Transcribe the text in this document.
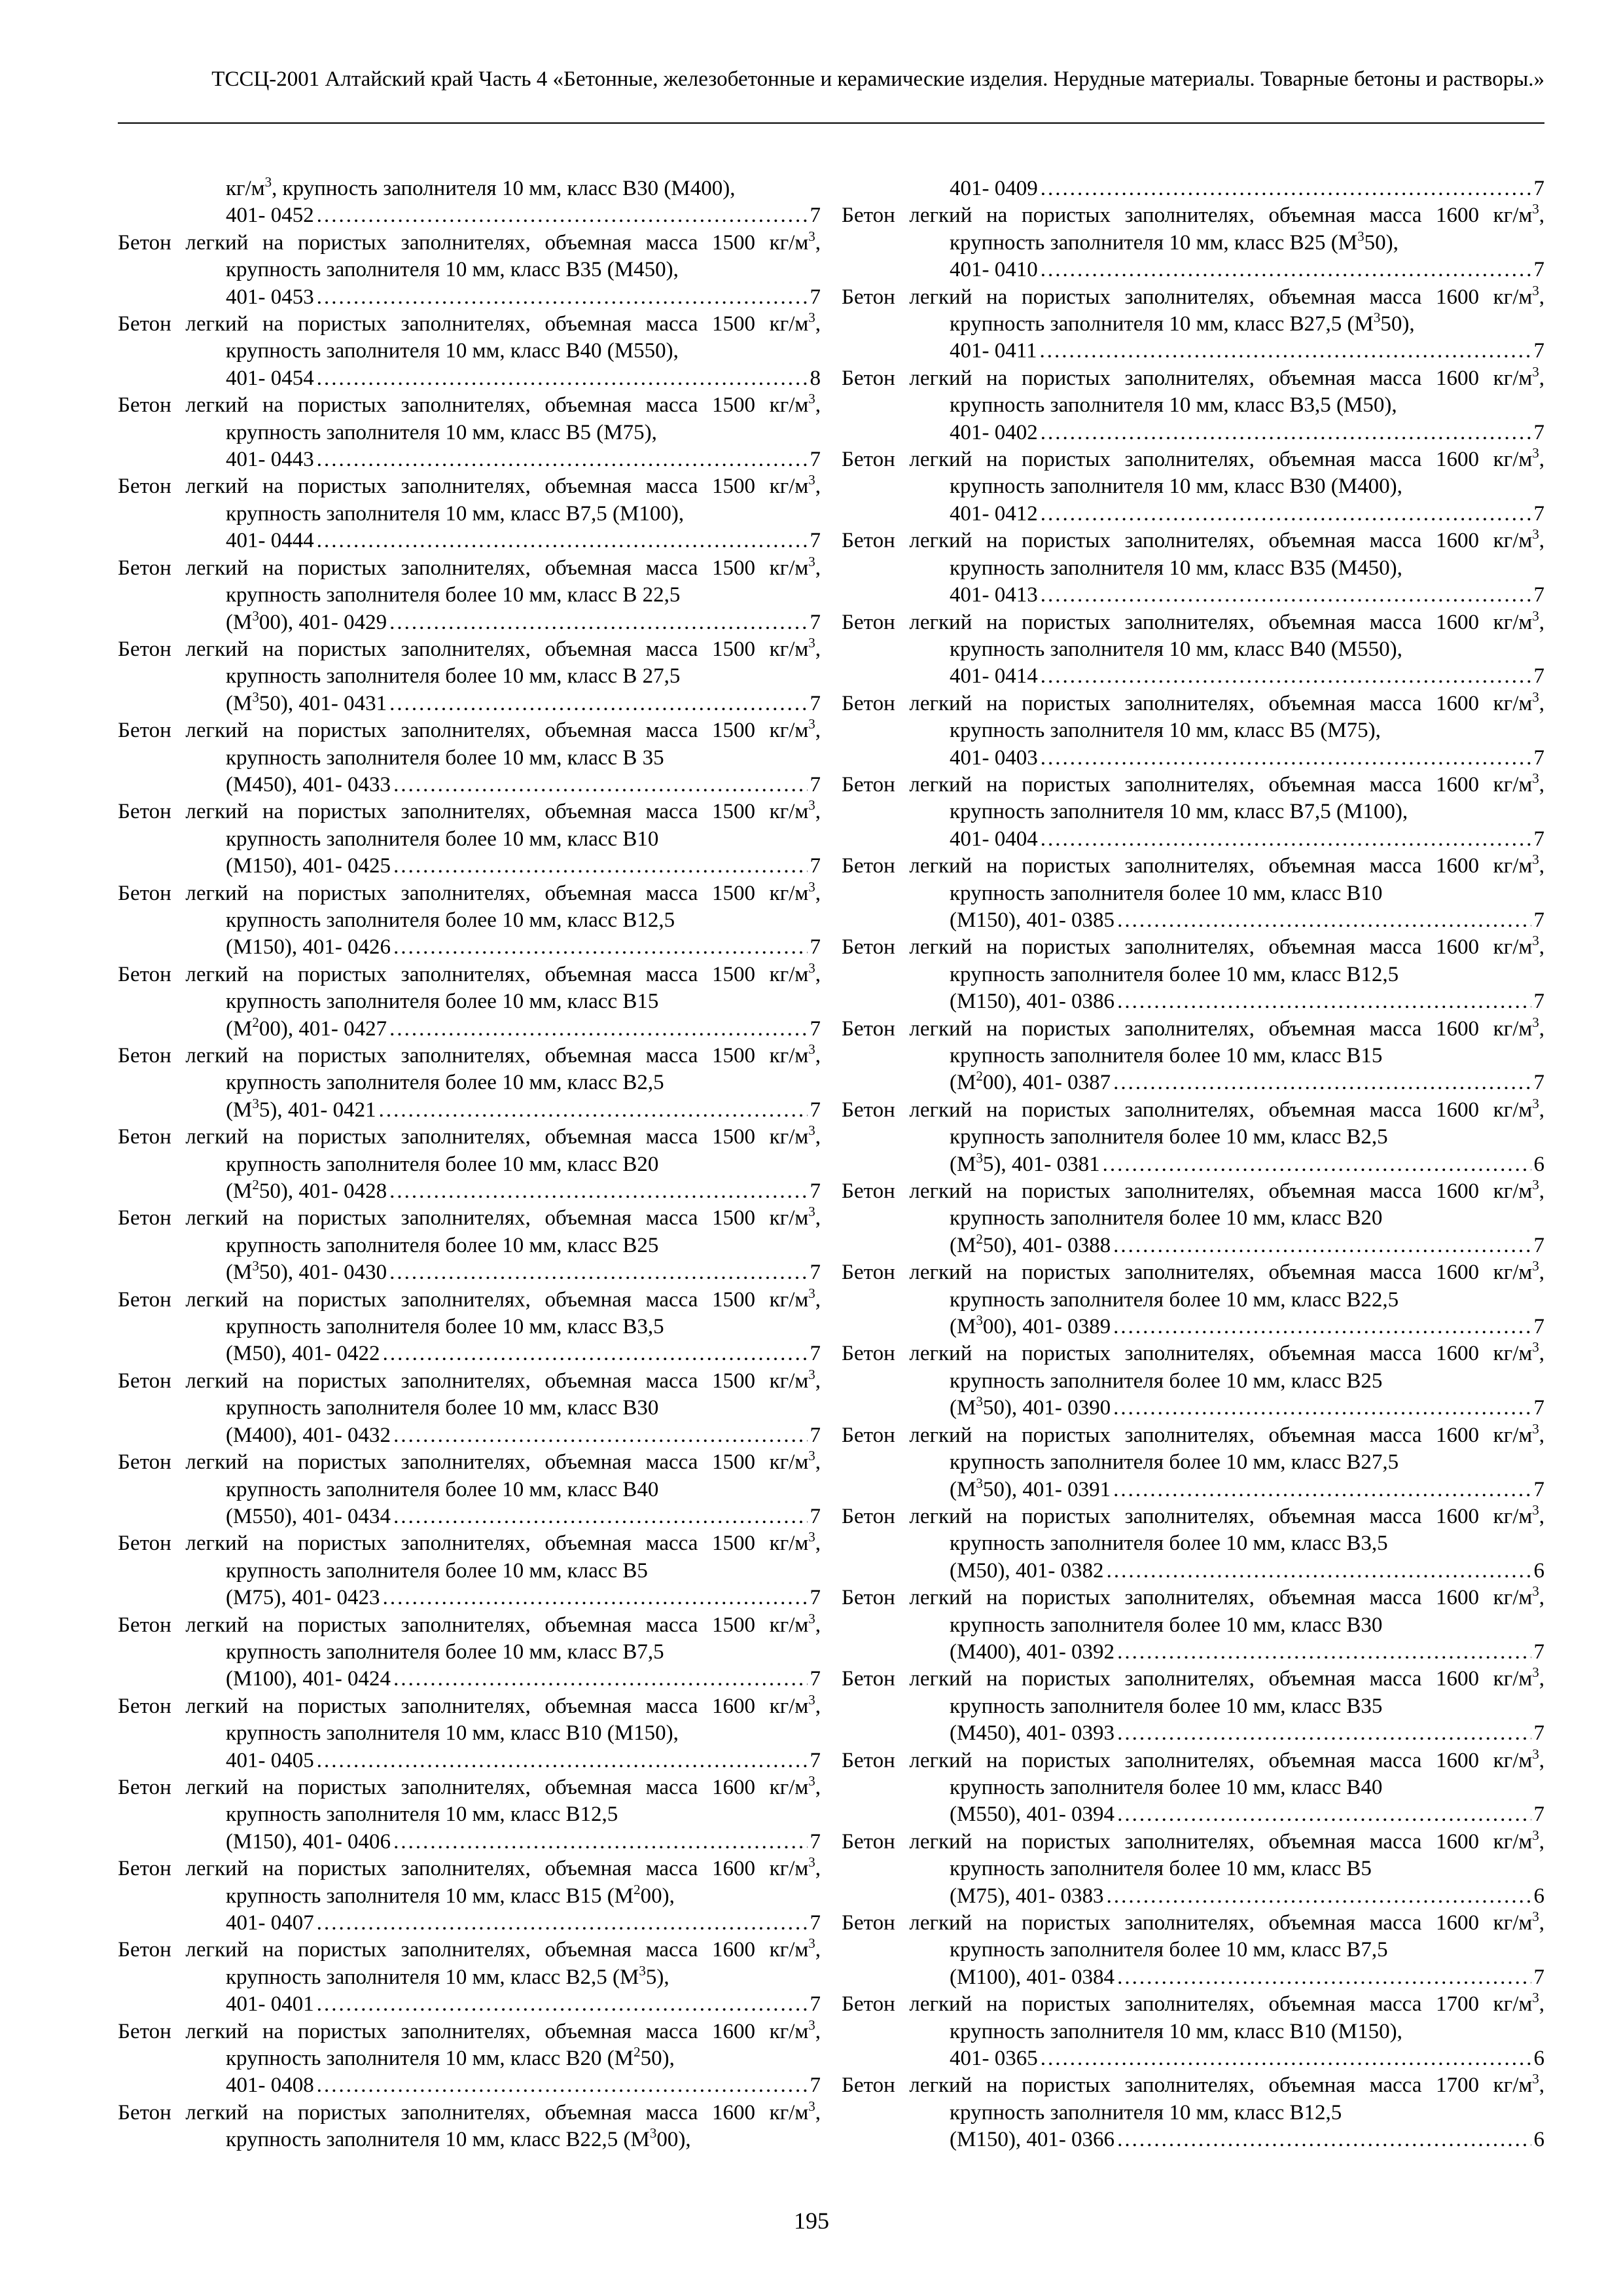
ТССЦ-2001 Алтайский край Часть 4 «Бетонные, железобетонные и керамические изделия. Нерудные материалы. Товарные бетоны и растворы.»

$кг/м^3$, крупность заполнителя 10 мм, класс В30 (М400),
401- 0452 .....	7

Бетон легкий на пористых заполнителях, объемная масса 1500 $кг/м^3$, крупность заполнителя 10 мм, класс В35 (М450),
401- 0453 .....	7

Бетон легкий на пористых заполнителях, объемная масса 1500 $кг/м^3$, крупность заполнителя 10 мм, класс В40 (М550),
401- 0454 .....	8

Бетон легкий на пористых заполнителях, объемная масса 1500 $кг/м^3$, крупность заполнителя 10 мм, класс В5 (М75),
401- 0443 .....	7

Бетон легкий на пористых заполнителях, объемная масса 1500 $кг/м^3$, крупность заполнителя 10 мм, класс В7,5 (М100),
401- 0444 .....	7

Бетон легкий на пористых заполнителях, объемная масса 1500 $кг/м^3$, крупность заполнителя более 10 мм, класс В 22,5
$(М^300)$, 401- 0429 .....	7

Бетон легкий на пористых заполнителях, объемная масса 1500 $кг/м^3$, крупность заполнителя более 10 мм, класс В 27,5
$(М^350)$, 401- 0431 .....	7

Бетон легкий на пористых заполнителях, объемная масса 1500 $кг/м^3$, крупность заполнителя более 10 мм, класс В 35
(М450), 401- 0433 .....	7

Бетон легкий на пористых заполнителях, объемная масса 1500 $кг/м^3$, крупность заполнителя более 10 мм, класс В10
(М150), 401- 0425 .....	7

Бетон легкий на пористых заполнителях, объемная масса 1500 $кг/м^3$, крупность заполнителя более 10 мм, класс В12,5
(М150), 401- 0426 .....	7

Бетон легкий на пористых заполнителях, объемная масса 1500 $кг/м^3$, крупность заполнителя более 10 мм, класс В15
$(М^200)$, 401- 0427 .....	7

Бетон легкий на пористых заполнителях, объемная масса 1500 $кг/м^3$, крупность заполнителя более 10 мм, класс В2,5
$(М^35)$, 401- 0421 .....	7

Бетон легкий на пористых заполнителях, объемная масса 1500 $кг/м^3$, крупность заполнителя более 10 мм, класс В20
$(М^250)$, 401- 0428 .....	7

Бетон легкий на пористых заполнителях, объемная масса 1500 $кг/м^3$, крупность заполнителя более 10 мм, класс В25
$(М^350)$, 401- 0430 .....	7

Бетон легкий на пористых заполнителях, объемная масса 1500 $кг/м^3$, крупность заполнителя более 10 мм, класс В3,5
(М50), 401- 0422 .....	7

Бетон легкий на пористых заполнителях, объемная масса 1500 $кг/м^3$, крупность заполнителя более 10 мм, класс В30
(М400), 401- 0432 .....	7

Бетон легкий на пористых заполнителях, объемная масса 1500 $кг/м^3$, крупность заполнителя более 10 мм, класс В40
(М550), 401- 0434 .....	7

Бетон легкий на пористых заполнителях, объемная масса 1500 $кг/м^3$, крупность заполнителя более 10 мм, класс В5
(М75), 401- 0423 .....	7

Бетон легкий на пористых заполнителях, объемная масса 1500 $кг/м^3$, крупность заполнителя более 10 мм, класс В7,5
(М100), 401- 0424 .....	7

Бетон легкий на пористых заполнителях, объемная масса 1600 $кг/м^3$, крупность заполнителя 10 мм, класс В10 (М150),
401- 0405 .....	7

Бетон легкий на пористых заполнителях, объемная масса 1600 $кг/м^3$, крупность заполнителя 10 мм, класс В12,5
(М150), 401- 0406 .....	7

Бетон легкий на пористых заполнителях, объемная масса 1600 $кг/м^3$, крупность заполнителя 10 мм, класс В15 $(М^200)$,
401- 0407 .....	7

Бетон легкий на пористых заполнителях, объемная масса 1600 $кг/м^3$, крупность заполнителя 10 мм, класс В2,5 $(М^35)$,
401- 0401 .....	7

Бетон легкий на пористых заполнителях, объемная масса 1600 $кг/м^3$, крупность заполнителя 10 мм, класс В20 $(М^250)$,
401- 0408 .....	7

Бетон легкий на пористых заполнителях, объемная масса 1600 $кг/м^3$, крупность заполнителя 10 мм, класс В22,5 $(М^300)$,

401- 0409 .....	7

Бетон легкий на пористых заполнителях, объемная масса 1600 $кг/м^3$, крупность заполнителя 10 мм, класс В25 $(М^350)$,
401- 0410 .....	7

Бетон легкий на пористых заполнителях, объемная масса 1600 $кг/м^3$, крупность заполнителя 10 мм, класс В27,5 $(М^350)$,
401- 0411 .....	7

Бетон легкий на пористых заполнителях, объемная масса 1600 $кг/м^3$, крупность заполнителя 10 мм, класс В3,5 (М50),
401- 0402 .....	7

Бетон легкий на пористых заполнителях, объемная масса 1600 $кг/м^3$, крупность заполнителя 10 мм, класс В30 (М400),
401- 0412 .....	7

Бетон легкий на пористых заполнителях, объемная масса 1600 $кг/м^3$, крупность заполнителя 10 мм, класс В35 (М450),
401- 0413 .....	7

Бетон легкий на пористых заполнителях, объемная масса 1600 $кг/м^3$, крупность заполнителя 10 мм, класс В40 (М550),
401- 0414 .....	7

Бетон легкий на пористых заполнителях, объемная масса 1600 $кг/м^3$, крупность заполнителя 10 мм, класс В5 (М75),
401- 0403 .....	7

Бетон легкий на пористых заполнителях, объемная масса 1600 $кг/м^3$, крупность заполнителя 10 мм, класс В7,5 (М100),
401- 0404 .....	7

Бетон легкий на пористых заполнителях, объемная масса 1600 $кг/м^3$, крупность заполнителя более 10 мм, класс В10
(М150), 401- 0385 .....	7

Бетон легкий на пористых заполнителях, объемная масса 1600 $кг/м^3$, крупность заполнителя более 10 мм, класс В12,5
(М150), 401- 0386 .....	7

Бетон легкий на пористых заполнителях, объемная масса 1600 $кг/м^3$, крупность заполнителя более 10 мм, класс В15
$(М^200)$, 401- 0387 .....	7

Бетон легкий на пористых заполнителях, объемная масса 1600 $кг/м^3$, крупность заполнителя более 10 мм, класс В2,5
$(М^35)$, 401- 0381 .....	6

Бетон легкий на пористых заполнителях, объемная масса 1600 $кг/м^3$, крупность заполнителя более 10 мм, класс В20
$(М^250)$, 401- 0388 .....	7

Бетон легкий на пористых заполнителях, объемная масса 1600 $кг/м^3$, крупность заполнителя более 10 мм, класс В22,5
$(М^300)$, 401- 0389 .....	7

Бетон легкий на пористых заполнителях, объемная масса 1600 $кг/м^3$, крупность заполнителя более 10 мм, класс В25
$(М^350)$, 401- 0390 .....	7

Бетон легкий на пористых заполнителях, объемная масса 1600 $кг/м^3$, крупность заполнителя более 10 мм, класс В27,5
$(М^350)$, 401- 0391 .....	7

Бетон легкий на пористых заполнителях, объемная масса 1600 $кг/м^3$, крупность заполнителя более 10 мм, класс В3,5
(М50), 401- 0382 .....	6

Бетон легкий на пористых заполнителях, объемная масса 1600 $кг/м^3$, крупность заполнителя более 10 мм, класс В30
(М400), 401- 0392 .....	7

Бетон легкий на пористых заполнителях, объемная масса 1600 $кг/м^3$, крупность заполнителя более 10 мм, класс В35
(М450), 401- 0393 .....	7

Бетон легкий на пористых заполнителях, объемная масса 1600 $кг/м^3$, крупность заполнителя более 10 мм, класс В40
(М550), 401- 0394 .....	7

Бетон легкий на пористых заполнителях, объемная масса 1600 $кг/м^3$, крупность заполнителя более 10 мм, класс В5
(М75), 401- 0383 .....	6

Бетон легкий на пористых заполнителях, объемная масса 1600 $кг/м^3$, крупность заполнителя более 10 мм, класс В7,5
(М100), 401- 0384 .....	7

Бетон легкий на пористых заполнителях, объемная масса 1700 $кг/м^3$, крупность заполнителя 10 мм, класс В10 (М150),
401- 0365 .....	6

Бетон легкий на пористых заполнителях, объемная масса 1700 $кг/м^3$, крупность заполнителя 10 мм, класс В12,5
(М150), 401- 0366 .....	6

195
